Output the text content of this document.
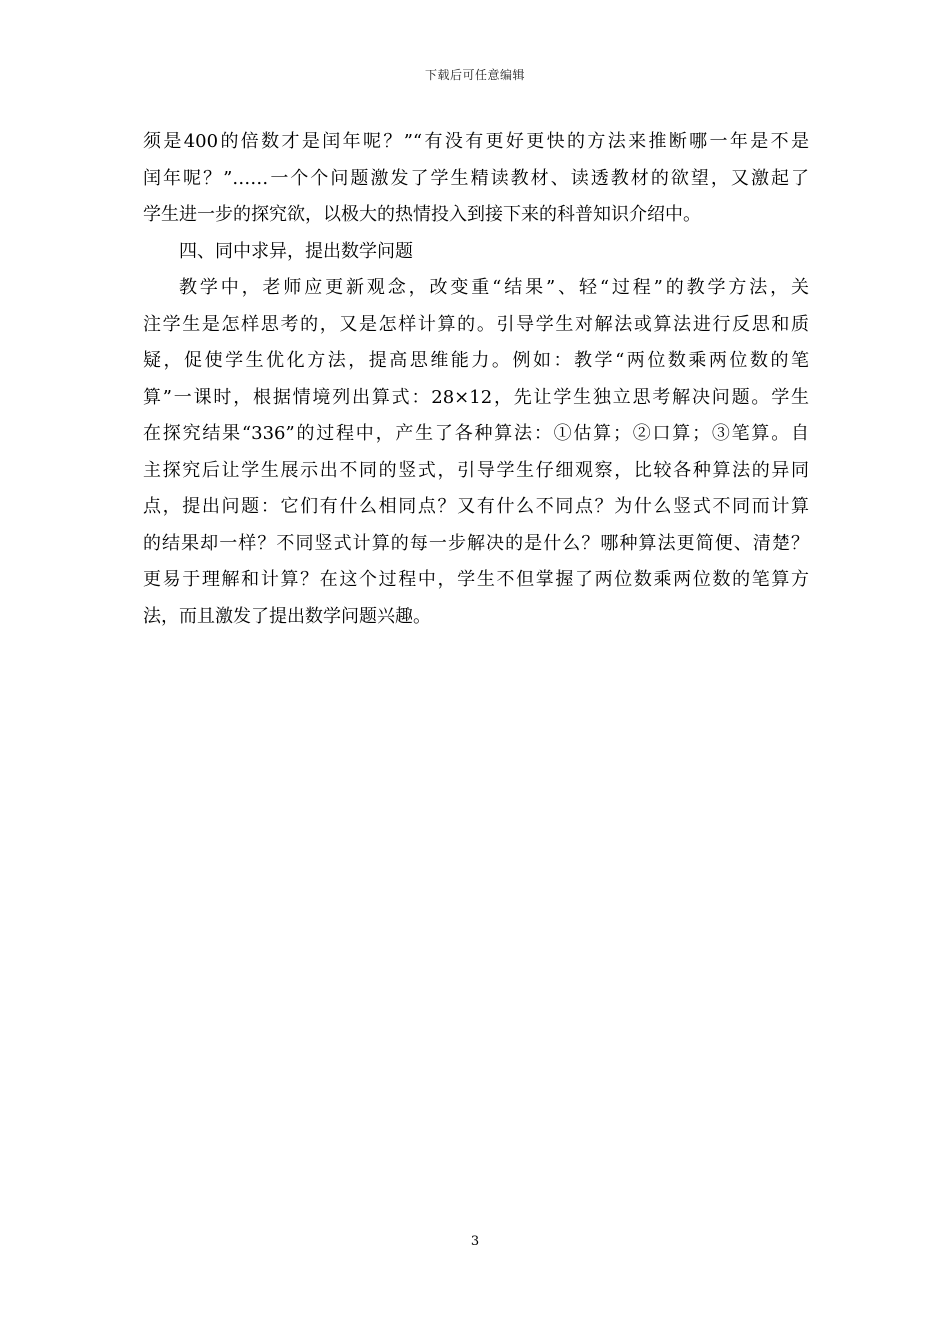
下载后可任意编辑
须是400的倍数才是闰年呢？”“有没有更好更快的方法来推断哪一年是不是
闰年呢？”……一个个问题激发了学生精读教材、读透教材的欲望，又激起了
学生进一步的探究欲，以极大的热情投入到接下来的科普知识介绍中。
四、同中求异，提出数学问题
教学中，老师应更新观念，改变重“结果”、轻“过程”的教学方法，关
注学生是怎样思考的，又是怎样计算的。引导学生对解法或算法进行反思和质
疑，促使学生优化方法，提高思维能力。例如：教学“两位数乘两位数的笔
算”一课时，根据情境列出算式：28×12，先让学生独立思考解决问题。学生
在探究结果“336”的过程中，产生了各种算法：①估算；②口算；③笔算。自
主探究后让学生展示出不同的竖式，引导学生仔细观察，比较各种算法的异同
点，提出问题：它们有什么相同点？又有什么不同点？为什么竖式不同而计算
的结果却一样？不同竖式计算的每一步解决的是什么？哪种算法更简便、清楚？
更易于理解和计算？在这个过程中，学生不但掌握了两位数乘两位数的笔算方
法，而且激发了提出数学问题兴趣。
3
